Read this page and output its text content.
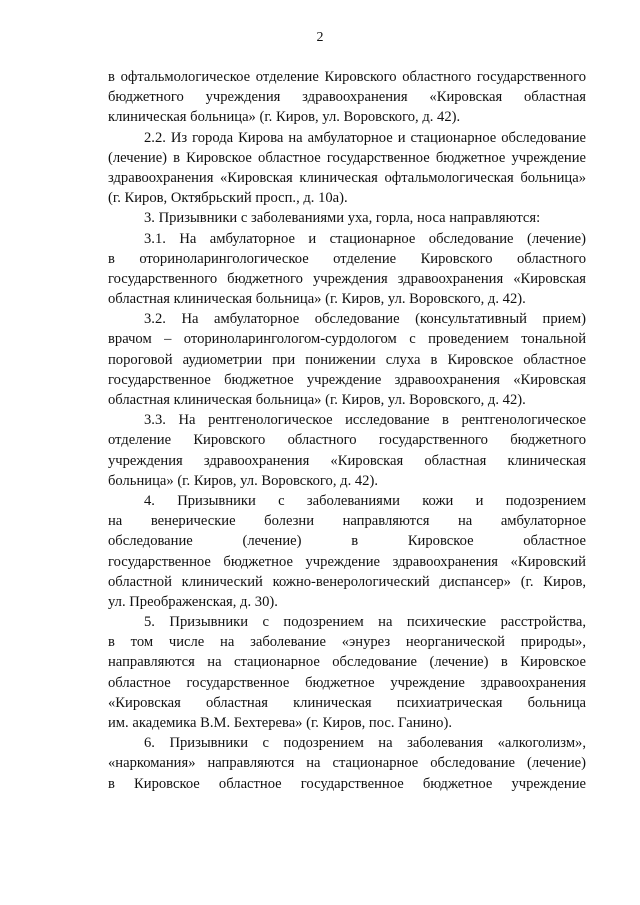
2
в офтальмологическое отделение Кировского областного государственного
бюджетного учреждения здравоохранения «Кировская областная
клиническая больница» (г. Киров, ул. Воровского, д. 42).
2.2. Из города Кирова на амбулаторное и стационарное обследование
(лечение) в Кировское областное государственное бюджетное учреждение
здравоохранения «Кировская клиническая офтальмологическая больница»
(г. Киров, Октябрьский просп., д. 10а).
3. Призывники с заболеваниями уха, горла, носа направляются:
3.1. На амбулаторное и стационарное обследование (лечение)
в оториноларингологическое отделение Кировского областного
государственного бюджетного учреждения здравоохранения «Кировская
областная клиническая больница» (г. Киров, ул. Воровского, д. 42).
3.2. На амбулаторное обследование (консультативный прием)
врачом – оториноларингологом-сурдологом с проведением тональной
пороговой аудиометрии при понижении слуха в Кировское областное
государственное бюджетное учреждение здравоохранения «Кировская
областная клиническая больница» (г. Киров, ул. Воровского, д. 42).
3.3. На рентгенологическое исследование в рентгенологическое
отделение Кировского областного государственного бюджетного
учреждения здравоохранения «Кировская областная клиническая
больница» (г. Киров, ул. Воровского, д. 42).
4. Призывники с заболеваниями кожи и подозрением
на венерические болезни направляются на амбулаторное
обследование (лечение) в Кировское областное
государственное бюджетное учреждение здравоохранения «Кировский
областной клинический кожно-венерологический диспансер» (г. Киров,
ул. Преображенская, д. 30).
5. Призывники с подозрением на психические расстройства,
в том числе на заболевание «энурез неорганической природы»,
направляются на стационарное обследование (лечение) в Кировское
областное государственное бюджетное учреждение здравоохранения
«Кировская областная клиническая психиатрическая больница
им. академика В.М. Бехтерева» (г. Киров, пос. Ганино).
6. Призывники с подозрением на заболевания «алкоголизм»,
«наркомания» направляются на стационарное обследование (лечение)
в Кировское областное государственное бюджетное учреждение
